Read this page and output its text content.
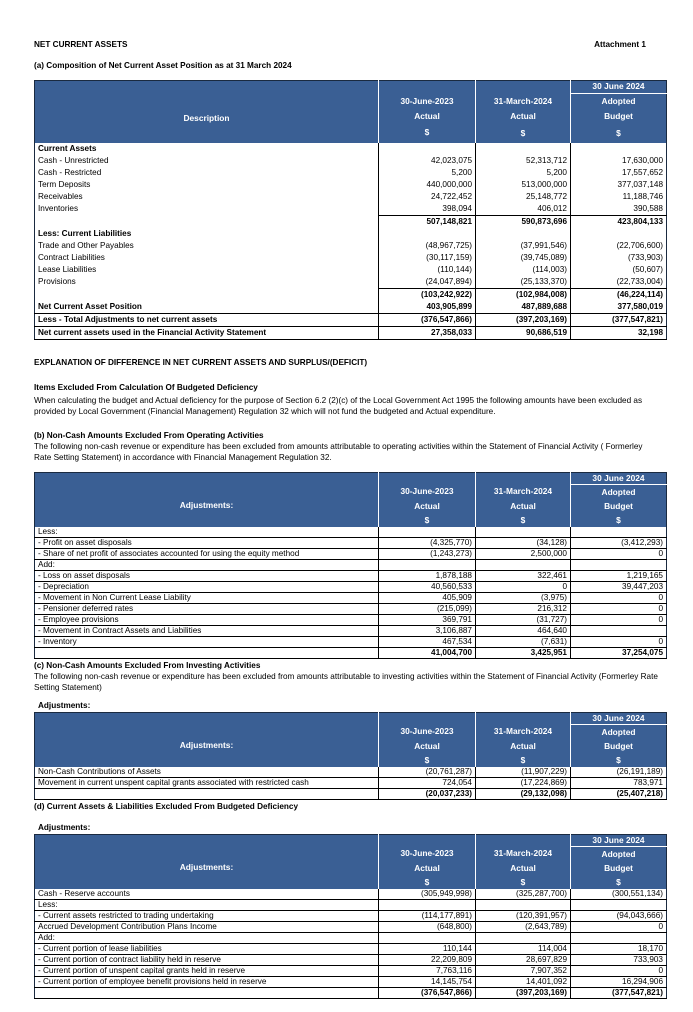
NET CURRENT ASSETS	Attachment 1
(a) Composition of Net Current Asset Position as at 31 March 2024
Description			30 June 2024
	30-June-2023	31-March-2024	Adopted
	Actual	Actual	Budget
	$	$	$
Current Assets			
Cash - Unrestricted	42,023,075	52,313,712	17,630,000
Cash - Restricted	5,200	5,200	17,557,652
Term Deposits	440,000,000	513,000,000	377,037,148
Receivables	24,722,452	25,148,772	11,188,746
Inventories	398,094	406,012	390,588
	507,148,821	590,873,696	423,804,133
Less: Current Liabilities			
Trade and Other Payables	(48,967,725)	(37,991,546)	(22,706,600)
Contract Liabilities	(30,117,159)	(39,745,089)	(733,903)
Lease Liabilities	(110,144)	(114,003)	(50,607)
Provisions	(24,047,894)	(25,133,370)	(22,733,004)
	(103,242,922)	(102,984,008)	(46,224,114)
Net Current Asset Position	403,905,899	487,889,688	377,580,019
Less - Total Adjustments to net current assets	(376,547,866)	(397,203,169)	(377,547,821)
Net current assets used in the Financial Activity Statement	27,358,033	90,686,519	32,198
EXPLANATION OF DIFFERENCE IN NET CURRENT ASSETS AND SURPLUS/(DEFICIT)
Items Excluded From Calculation Of Budgeted Deficiency
When calculating the budget and Actual deficiency for the purpose of Section 6.2 (2)(c) of the Local Government Act 1995 the following amounts have been excluded as provided by Local Government (Financial Management) Regulation 32 which will not fund the budgeted and Actual expenditure.
(b) Non-Cash Amounts Excluded From Operating Activities
The following non-cash revenue or expenditure has been excluded from amounts attributable to operating activities within the Statement of Financial Activity ( Formerley Rate Setting Statement) in accordance with Financial Management Regulation 32.
Adjustments:			30 June 2024
	30-June-2023	31-March-2024	Adopted
	Actual	Actual	Budget
	$	$	$
Less:			
- Profit on asset disposals	(4,325,770)	(34,128)	(3,412,293)
- Share of net profit of associates accounted for using the equity method	(1,243,273)	2,500,000	0
Add:			
- Loss on asset disposals	1,878,188	322,461	1,219,165
- Depreciation	40,560,533	0	39,447,203
- Movement in Non Current Lease Liability	405,909	(3,975)	0
- Pensioner deferred rates	(215,099)	216,312	0
- Employee provisions	369,791	(31,727)	0
- Movement in Contract Assets and Liabilities	3,106,887	464,640	
- Inventory	467,534	(7,631)	0
	41,004,700	3,425,951	37,254,075
(c) Non-Cash Amounts Excluded From Investing Activities
The following non-cash revenue or expenditure has been excluded from amounts attributable to investing activities within the Statement of Financial Activity (Formerley Rate Setting Statement)
Adjustments:
Adjustments:			30 June 2024
	30-June-2023	31-March-2024	Adopted
	Actual	Actual	Budget
	$	$	$
Non-Cash Contributions of Assets	(20,761,287)	(11,907,229)	(26,191,189)
Movement in current unspent capital grants associated with restricted cash	724,054	(17,224,869)	783,971
	(20,037,233)	(29,132,098)	(25,407,218)
(d) Current Assets & Liabilities Excluded From Budgeted Deficiency
Adjustments:
Adjustments:			30 June 2024
	30-June-2023	31-March-2024	Adopted
	Actual	Actual	Budget
	$	$	$
Cash - Reserve accounts	(305,949,998)	(325,287,700)	(300,551,134)
Less:			
- Current assets restricted to trading undertaking	(114,177,891)	(120,391,957)	(94,043,666)
Accrued Development Contribution Plans Income	(648,800)	(2,643,789)	0
Add:			
- Current portion of lease liabilities	110,144	114,004	18,170
- Current portion of contract liability held in reserve	22,209,809	28,697,829	733,903
- Current portion of unspent capital grants held in reserve	7,763,116	7,907,352	0
- Current portion of employee benefit provisions held in reserve	14,145,754	14,401,092	16,294,906
	(376,547,866)	(397,203,169)	(377,547,821)
